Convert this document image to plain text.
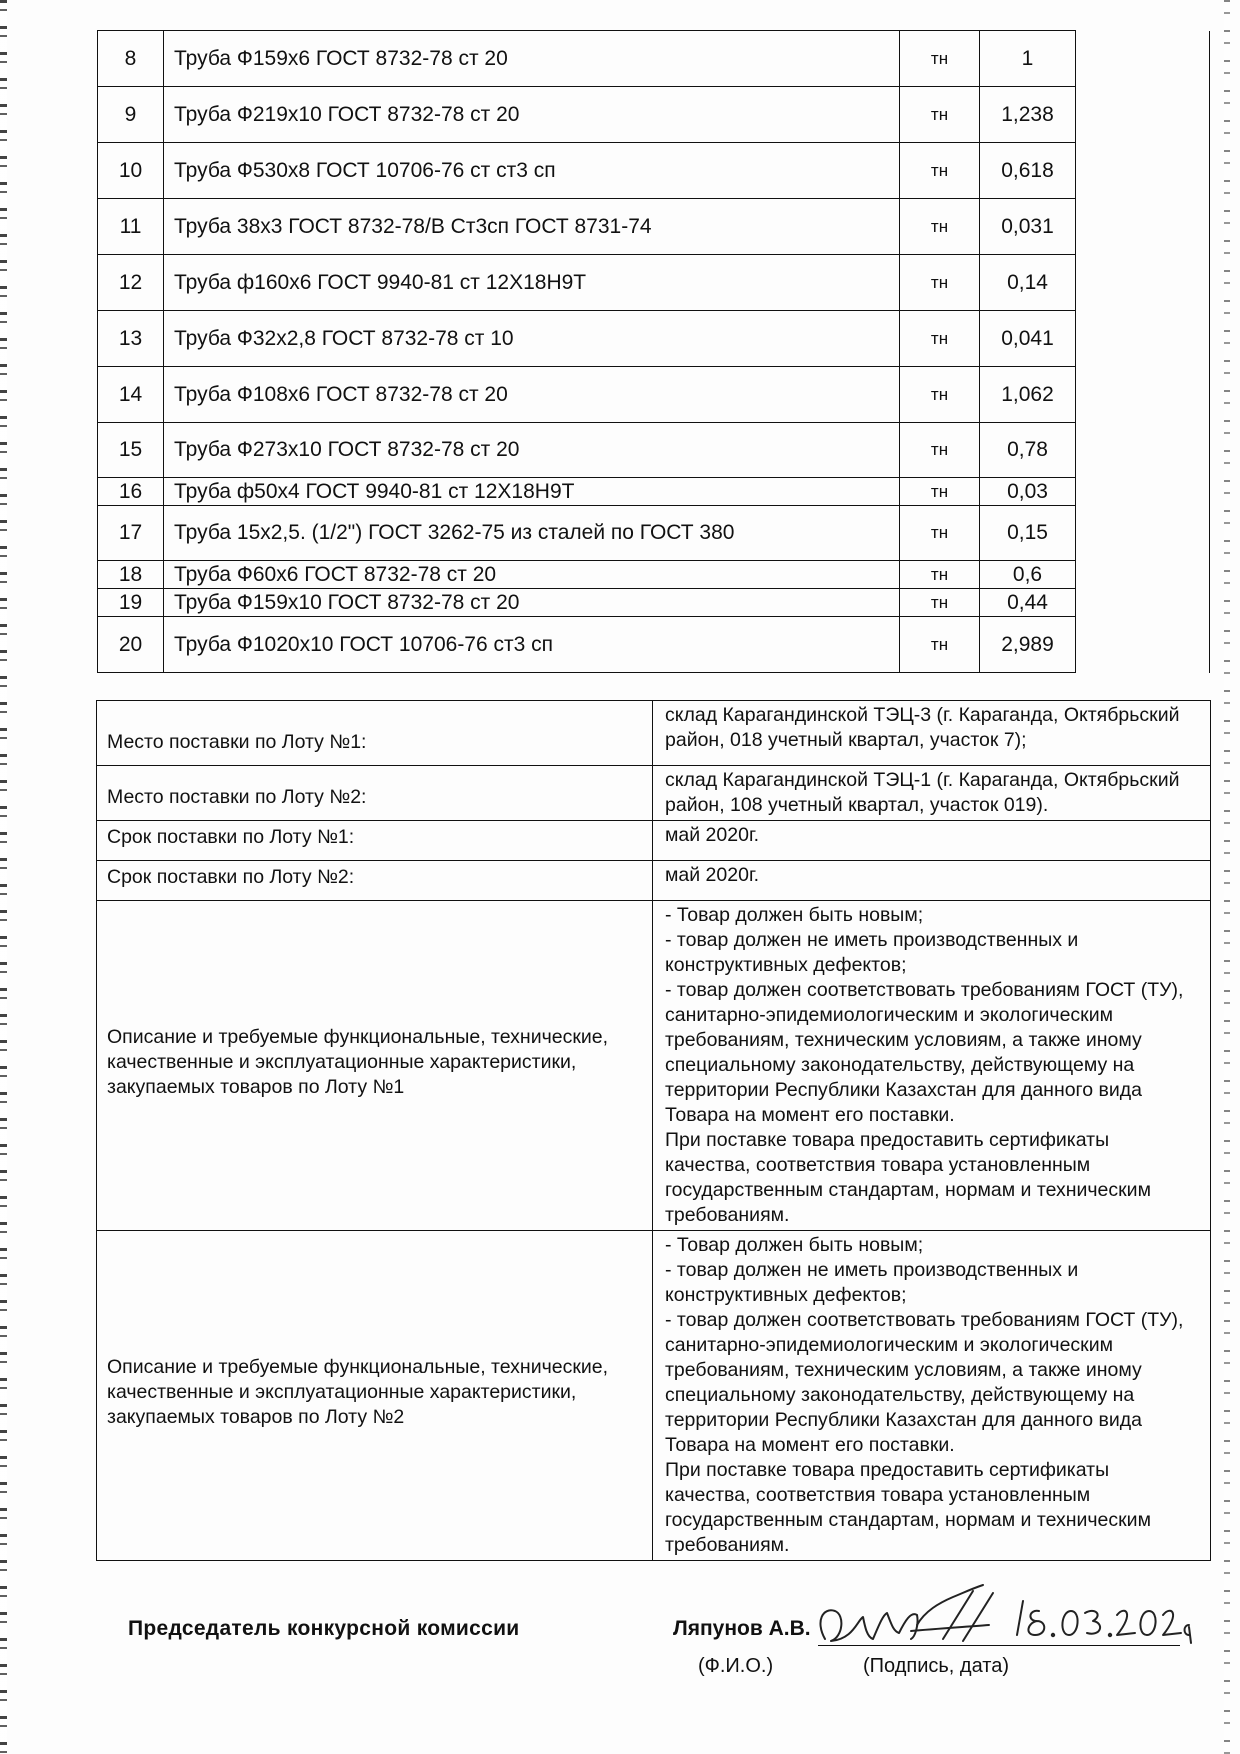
8	Труба Ф159х6 ГОСТ 8732-78 ст 20	тн	1	
9	Труба Ф219х10 ГОСТ 8732-78 ст 20	тн	1,238	
10	Труба Ф530х8 ГОСТ 10706-76 ст ст3 сп	тн	0,618	
11	Труба 38х3 ГОСТ 8732-78/В Ст3сп ГОСТ 8731-74	тн	0,031	
12	Труба ф160х6 ГОСТ 9940-81 ст 12Х18Н9Т	тн	0,14	
13	Труба Ф32х2,8 ГОСТ 8732-78 ст 10	тн	0,041	
14	Труба Ф108х6 ГОСТ 8732-78 ст 20	тн	1,062	
15	Труба Ф273х10 ГОСТ 8732-78 ст 20	тн	0,78	
16	Труба ф50х4 ГОСТ 9940-81 ст 12Х18Н9Т	тн	0,03	
17	Труба 15х2,5. (1/2") ГОСТ 3262-75 из сталей по ГОСТ 380	тн	0,15	
18	Труба Ф60х6 ГОСТ 8732-78 ст 20	тн	0,6	
19	Труба Ф159х10 ГОСТ 8732-78 ст 20	тн	0,44	
20	Труба Ф1020х10 ГОСТ 10706-76 ст3 сп	тн	2,989	
Место поставки по Лоту №1:	склад Карагандинской ТЭЦ-3 (г. Караганда, Октябрьский район, 018 учетный квартал, участок 7);
Место поставки по Лоту №2:	склад Карагандинской ТЭЦ-1 (г. Караганда, Октябрьский район, 108 учетный квартал, участок 019).
Срок поставки по Лоту №1:	май 2020г.
Срок поставки по Лоту №2:	май 2020г.
Описание и требуемые функциональные, технические, качественные и эксплуатационные характеристики, закупаемых товаров по Лоту №1	- Товар должен быть новым;
- товар должен не иметь производственных и конструктивных дефектов;
- товар должен соответствовать требованиям ГОСТ (ТУ), санитарно-эпидемиологическим и экологическим требованиям, техническим условиям, а также иному специальному законодательству, действующему на территории Республики Казахстан для данного вида Товара на момент его поставки.
При поставке товара предоставить сертификаты качества, соответствия товара установленным государственным стандартам, нормам и техническим требованиям.

Описание и требуемые функциональные, технические, качественные и эксплуатационные характеристики, закупаемых товаров по Лоту №2	- Товар должен быть новым;
- товар должен не иметь производственных и конструктивных дефектов;
- товар должен соответствовать требованиям ГОСТ (ТУ), санитарно-эпидемиологическим и экологическим требованиям, техническим условиям, а также иному специальному законодательству, действующему на территории Республики Казахстан для данного вида Товара на момент его поставки.
При поставке товара предоставить сертификаты качества, соответствия товара установленным государственным стандартам, нормам и техническим требованиям.
Председатель конкурсной комиссии	Ляпунов А.В.
(Ф.И.О.)	(Подпись, дата)
